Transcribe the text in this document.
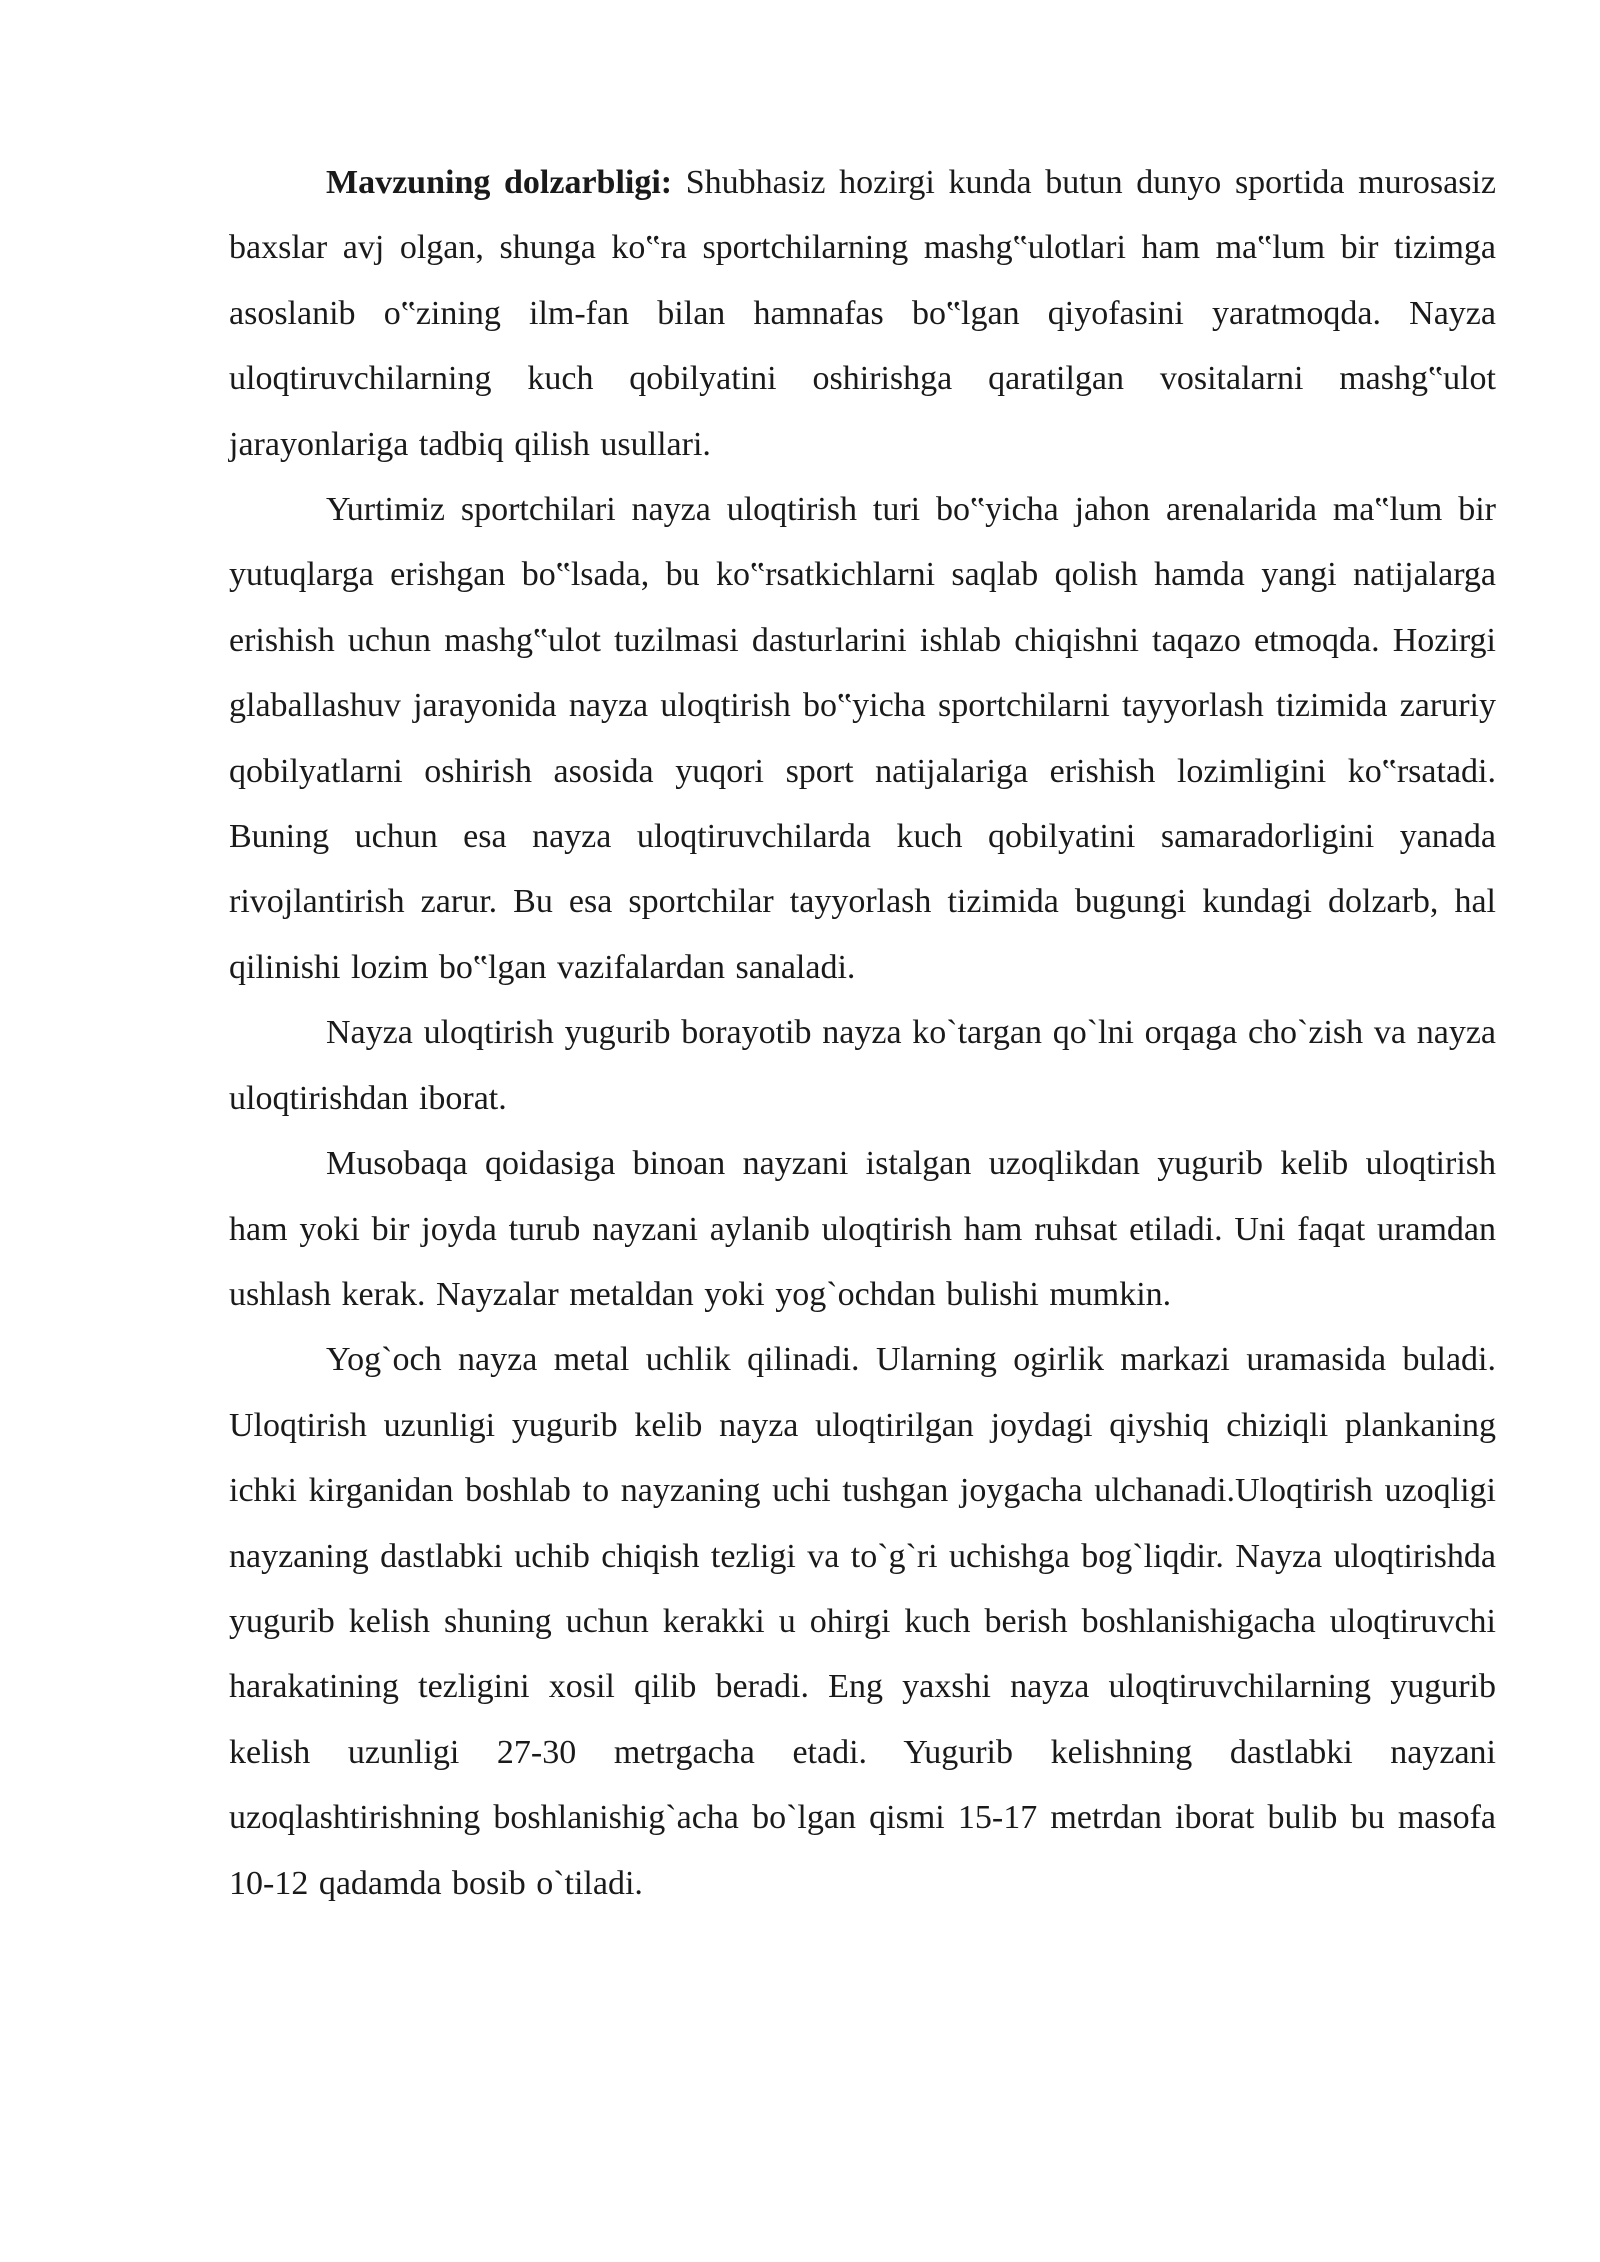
Mavzuning dolzarbligi: Shubhasiz hozirgi kunda butun dunyo sportida murosasiz baxslar avj olgan, shunga ko‟ra sportchilarning mashg‟ulotlari ham ma‟lum bir tizimga asoslanib o‟zining ilm-fan bilan hamnafas bo‟lgan qiyofasini yaratmoqda. Nayza uloqtiruvchilarning kuch qobilyatini oshirishga qaratilgan vositalarni mashg‟ulot jarayonlariga tadbiq qilish usullari.

Yurtimiz sportchilari nayza uloqtirish turi bo‟yicha jahon arenalarida ma‟lum bir yutuqlarga erishgan bo‟lsada, bu ko‟rsatkichlarni saqlab qolish hamda yangi natijalarga erishish uchun mashg‟ulot tuzilmasi dasturlarini ishlab chiqishni taqazo etmoqda. Hozirgi glaballashuv jarayonida nayza uloqtirish bo‟yicha sportchilarni tayyorlash tizimida zaruriy qobilyatlarni oshirish asosida yuqori sport natijalariga erishish lozimligini ko‟rsatadi. Buning uchun esa nayza uloqtiruvchilarda kuch qobilyatini samaradorligini yanada rivojlantirish zarur. Bu esa sportchilar tayyorlash tizimida bugungi kundagi dolzarb, hal qilinishi lozim bo‟lgan vazifalardan sanaladi.

Nayza uloqtirish yugurib borayotib nayza ko`targan qo`lni orqaga cho`zish va nayza uloqtirishdan iborat.

Musobaqa qoidasiga binoan nayzani istalgan uzoqlikdan yugurib kelib uloqtirish ham yoki bir joyda turub nayzani aylanib uloqtirish ham ruhsat etiladi. Uni faqat uramdan ushlash kerak. Nayzalar metaldan yoki yog`ochdan bulishi mumkin.

Yog`och nayza metal uchlik qilinadi. Ularning ogirlik markazi uramasida buladi. Uloqtirish uzunligi yugurib kelib nayza uloqtirilgan joydagi qiyshiq chiziqli plankaning ichki kirganidan boshlab to nayzaning uchi tushgan joygacha ulchanadi.Uloqtirish uzoqligi nayzaning dastlabki uchib chiqish tezligi va to`g`ri uchishga bog`liqdir. Nayza uloqtirishda yugurib kelish shuning uchun kerakki u ohirgi kuch berish boshlanishigacha uloqtiruvchi harakatining tezligini xosil qilib beradi. Eng yaxshi nayza uloqtiruvchilarning yugurib kelish uzunligi 27-30 metrgacha etadi. Yugurib kelishning dastlabki nayzani uzoqlashtirishning boshlanishig`acha bo`lgan qismi 15-17 metrdan iborat bulib bu masofa 10-12 qadamda bosib o`tiladi.
